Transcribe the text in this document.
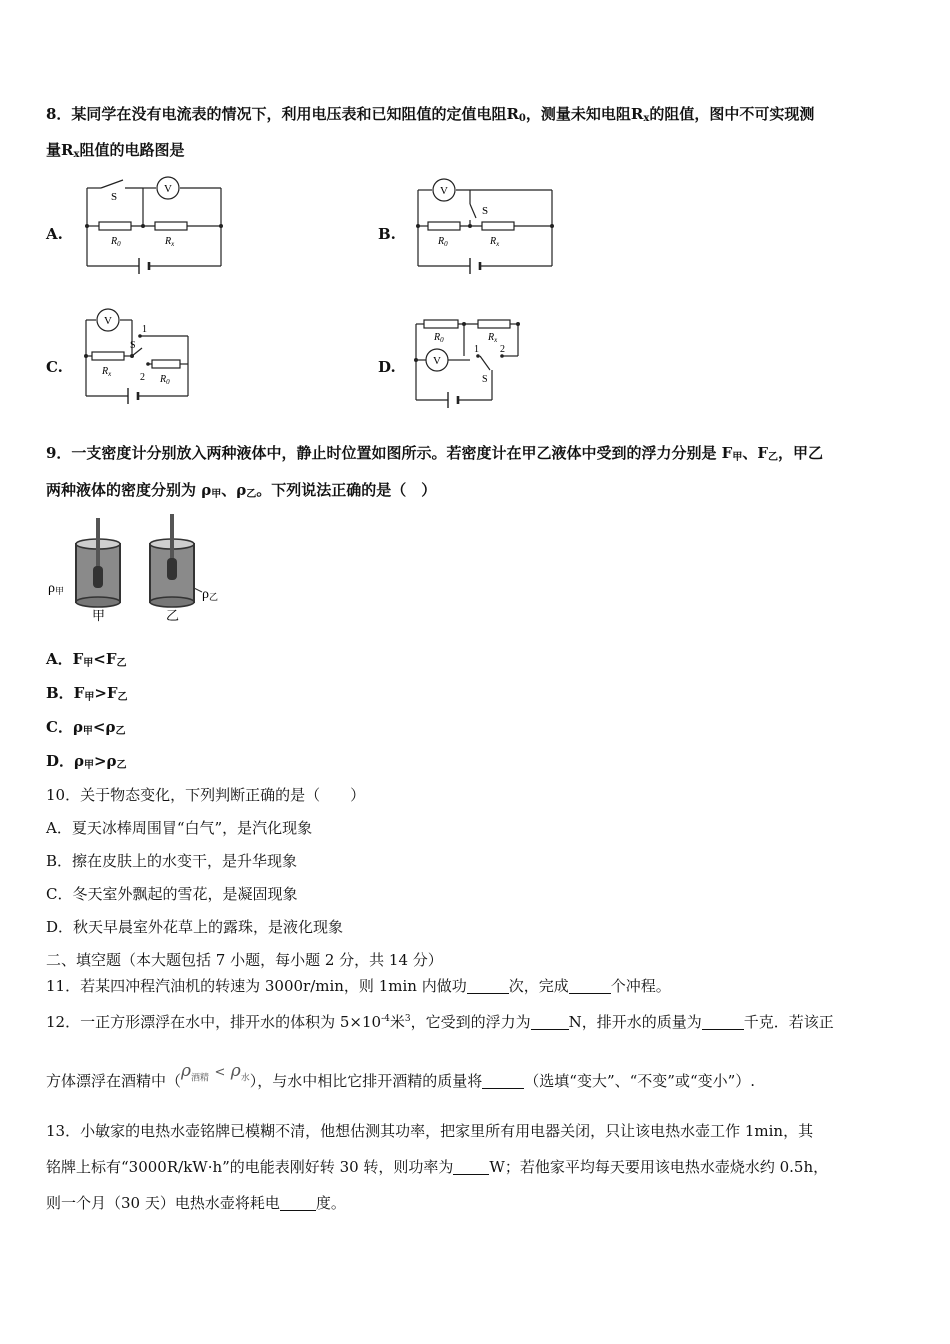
8．某同学在没有电流表的情况下，利用电压表和已知阻值的定值电阻$R_0$，测量未知电阻$R_x$的阻值，图中不可实现测
量$R_x$阻值的电路图是
A.
V
S
$R_0$	$R_x$
B.
V
S
$R_0$	$R_x$
C.
V
1
S
2
$R_x$	$R_0$
D.	V
1 2
S
$R_0$	$R_x$
9．一支密度计分别放入两种液体中，静止时位置如图所示。若密度计在甲乙液体中受到的浮力分别是 $F_甲$、$F_乙$，甲乙
两种液体的密度分别为 $\rho_甲$、$\rho_乙$。下列说法正确的是（　）
ρ甲	ρ乙
甲	乙
A．$F_甲<F_乙$
B．$F_甲>F_乙$
C．$\rho_甲<\rho_乙$
D．$\rho_甲>\rho_乙$
10．关于物态变化，下列判断正确的是（　　）
A．夏天冰棒周围冒“白气”，是汽化现象
B．擦在皮肤上的水变干，是升华现象
C．冬天室外飘起的雪花，是凝固现象
D．秋天早晨室外花草上的露珠，是液化现象
二、填空题（本大题包括 7 小题，每小题 2 分，共 14 分）
11．若某四冲程汽油机的转速为 3000r/min，则 1min 内做功	次，完成	个冲程。
12．一正方形漂浮在水中，排开水的体积为 $5\times 10^{-4}$米$^3$，它受到的浮力为	N，排开水的质量为	千克．若该正
方体漂浮在酒精中$(\rho_{酒精} < \rho_水)$，与水中相比它排开酒精的质量将	（选填“变大”、“不变”或“变小”）.
13．小敏家的电热水壶铭牌已模糊不清，他想估测其功率，把家里所有用电器关闭，只让该电热水壶工作 1min，其
铭牌上标有“3000R/kW·h”的电能表刚好转 30 转，则功率为 W；若他家平均每天要用该电热水壶烧水约 0.5h，
则一个月（30 天）电热水壶将耗电 度。
